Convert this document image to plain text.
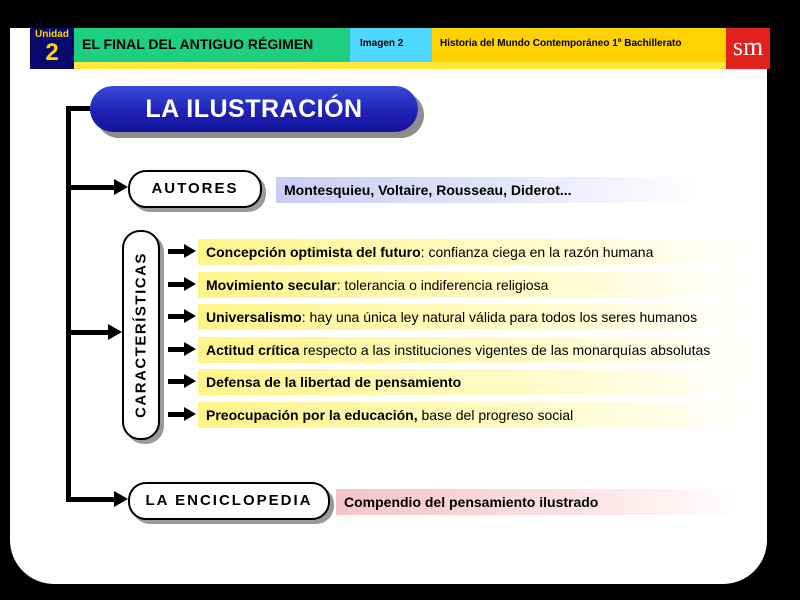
Unidad
2	EL FINAL DEL ANTIGUO RÉGIMEN	Imagen 2	Historia del Mundo Contemporáneo 1º Bachillerato	sm
LA ILUSTRACIÓN
AUTORES	Montesquieu, Voltaire, Rousseau, Diderot...
CARACTERÍSTICAS
Concepción optimista del futuro: confianza ciega en la razón humana
Movimiento secular: tolerancia o indiferencia religiosa
Universalismo: hay una única ley natural válida para todos los seres humanos
Actitud crítica respecto a las instituciones vigentes de las monarquías absolutas
Defensa de la libertad de pensamiento
Preocupación por la educación, base del progreso social
LA ENCICLOPEDIA	Compendio del pensamiento ilustrado
